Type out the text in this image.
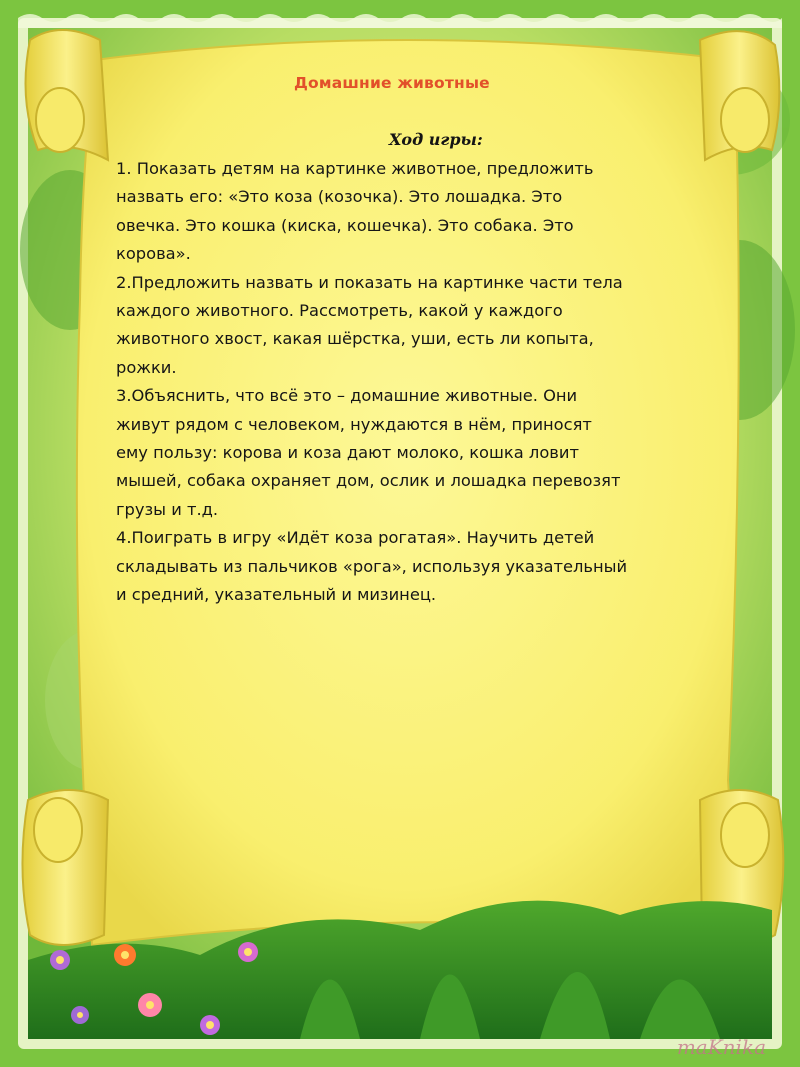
Домашние животные
Ход игры:

1. Показать детям на картинке животное, предложить
назвать его: «Это коза (козочка). Это лошадка. Это
овечка. Это кошка (киска, кошечка). Это собака. Это
корова».

2.Предложить назвать и показать на картинке части тела
каждого животного. Рассмотреть, какой у каждого
животного хвост, какая шёрстка, уши, есть ли копыта,
рожки.

3.Объяснить, что всё это – домашние животные. Они
живут рядом с человеком, нуждаются в нём, приносят
ему пользу: корова и коза дают молоко, кошка ловит
мышей, собака охраняет дом, ослик и лошадка перевозят
грузы и т.д.

4.Поиграть в игру «Идёт коза рогатая». Научить детей
складывать из пальчиков «рога», используя указательный
и средний, указательный и мизинец.

maKnika
